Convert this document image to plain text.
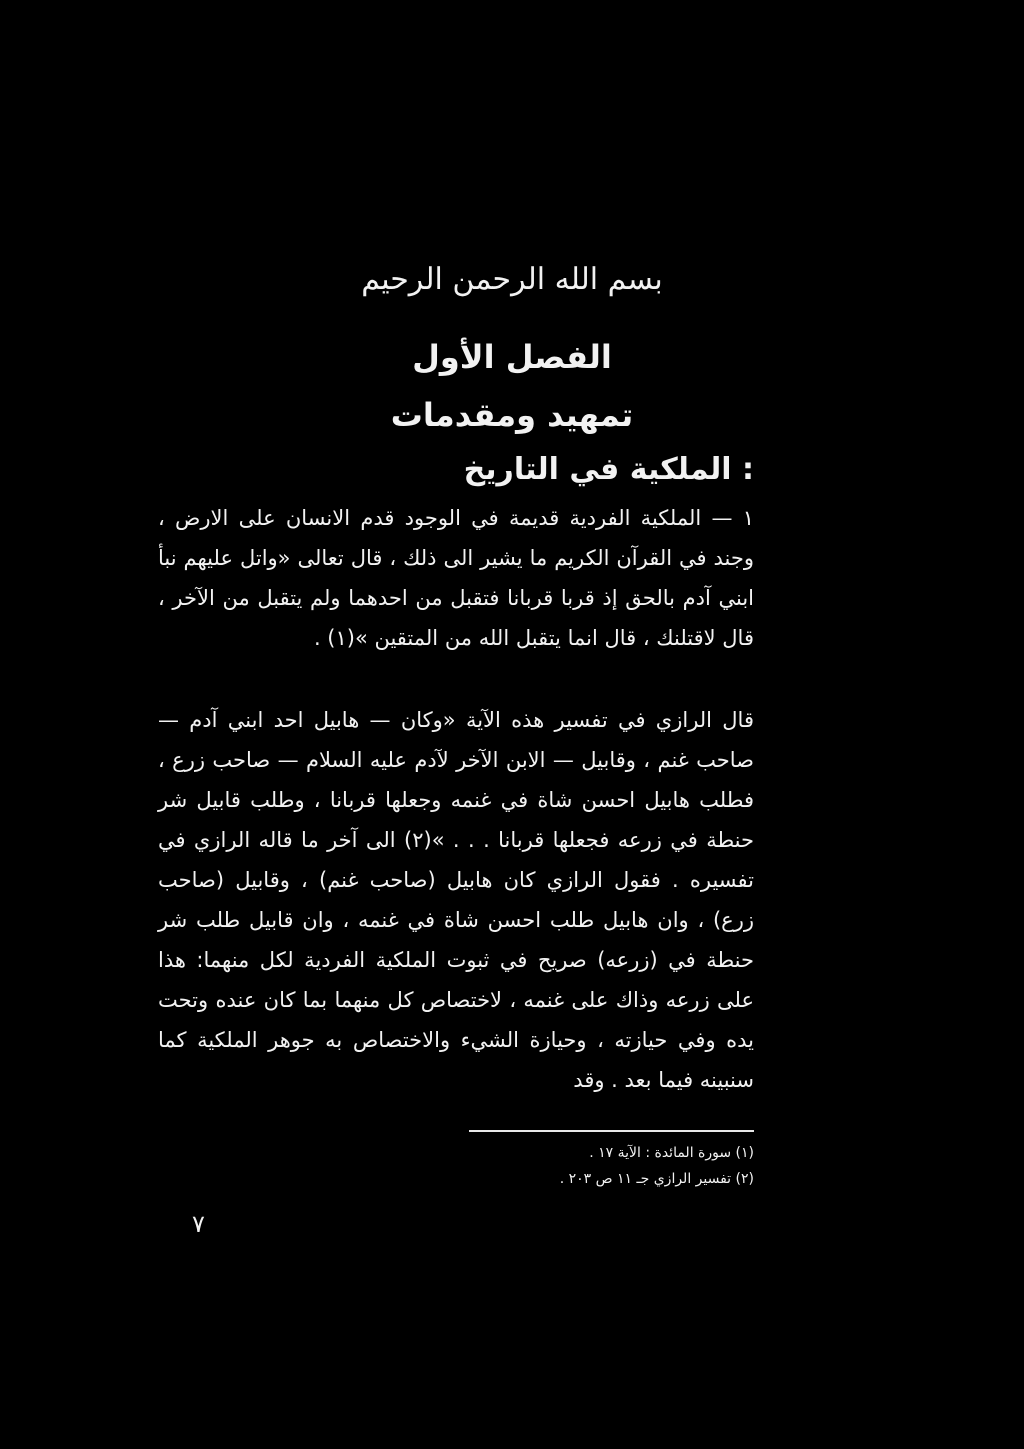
بسم الله الرحمن الرحيم
الفصل الأول
تمهيد ومقدمات
: الملكية في التاريخ

١ — الملكية الفردية قديمة في الوجود قدم الانسان على الارض ، وجند في القرآن الكريم ما يشير الى ذلك ، قال تعالى «واتل عليهم نبأ ابني آدم بالحق إذ قربا قربانا فتقبل من احدهما ولم يتقبل من الآخر ، قال لاقتلنك ، قال انما يتقبل الله من المتقين »(١) .

قال الرازي في تفسير هذه الآية «وكان — هابيل احد ابني آدم — صاحب غنم ، وقابيل — الابن الآخر لآدم عليه السلام — صاحب زرع ، فطلب هابيل احسن شاة في غنمه وجعلها قربانا ، وطلب قابيل شر حنطة في زرعه فجعلها قربانا . . . »(٢) الى آخر ما قاله الرازي في تفسيره . فقول الرازي كان هابيل (صاحب غنم) ، وقابيل (صاحب زرع) ، وان هابيل طلب احسن شاة في غنمه ، وان قابيل طلب شر حنطة في (زرعه) صريح في ثبوت الملكية الفردية لكل منهما: هذا على زرعه وذاك على غنمه ، لاختصاص كل منهما بما كان عنده وتحت يده وفي حيازته ، وحيازة الشيء والاختصاص به جوهر الملكية كما سنبينه فيما بعد . وقد

(١) سورة المائدة : الآية ١٧ .
(٢) تفسير الرازي جـ ١١ ص ٢٠٣ .
٧
